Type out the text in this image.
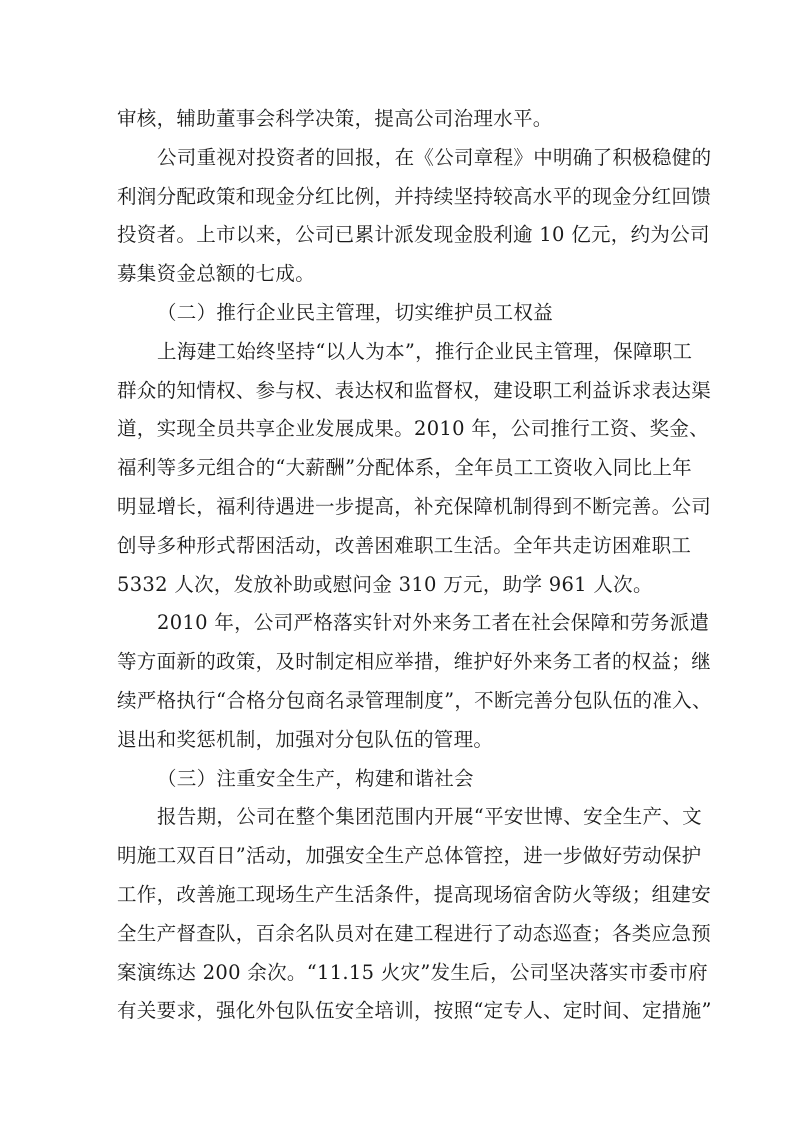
审核，辅助董事会科学决策，提高公司治理水平。
公司重视对投资者的回报，在《公司章程》中明确了积极稳健的
利润分配政策和现金分红比例，并持续坚持较高水平的现金分红回馈
投资者。上市以来，公司已累计派发现金股利逾 10 亿元，约为公司
募集资金总额的七成。
（二）推行企业民主管理，切实维护员工权益
上海建工始终坚持“以人为本”，推行企业民主管理，保障职工
群众的知情权、参与权、表达权和监督权，建设职工利益诉求表达渠
道，实现全员共享企业发展成果。2010 年，公司推行工资、奖金、
福利等多元组合的“大薪酬”分配体系，全年员工工资收入同比上年
明显增长，福利待遇进一步提高，补充保障机制得到不断完善。公司
创导多种形式帮困活动，改善困难职工生活。全年共走访困难职工
5332 人次，发放补助或慰问金 310 万元，助学 961 人次。
2010 年，公司严格落实针对外来务工者在社会保障和劳务派遣
等方面新的政策，及时制定相应举措，维护好外来务工者的权益；继
续严格执行“合格分包商名录管理制度”，不断完善分包队伍的准入、
退出和奖惩机制，加强对分包队伍的管理。
（三）注重安全生产，构建和谐社会
报告期，公司在整个集团范围内开展“平安世博、安全生产、文
明施工双百日”活动，加强安全生产总体管控，进一步做好劳动保护
工作，改善施工现场生产生活条件，提高现场宿舍防火等级；组建安
全生产督查队，百余名队员对在建工程进行了动态巡查；各类应急预
案演练达 200 余次。“11.15 火灾”发生后，公司坚决落实市委市府
有关要求，强化外包队伍安全培训，按照“定专人、定时间、定措施”
